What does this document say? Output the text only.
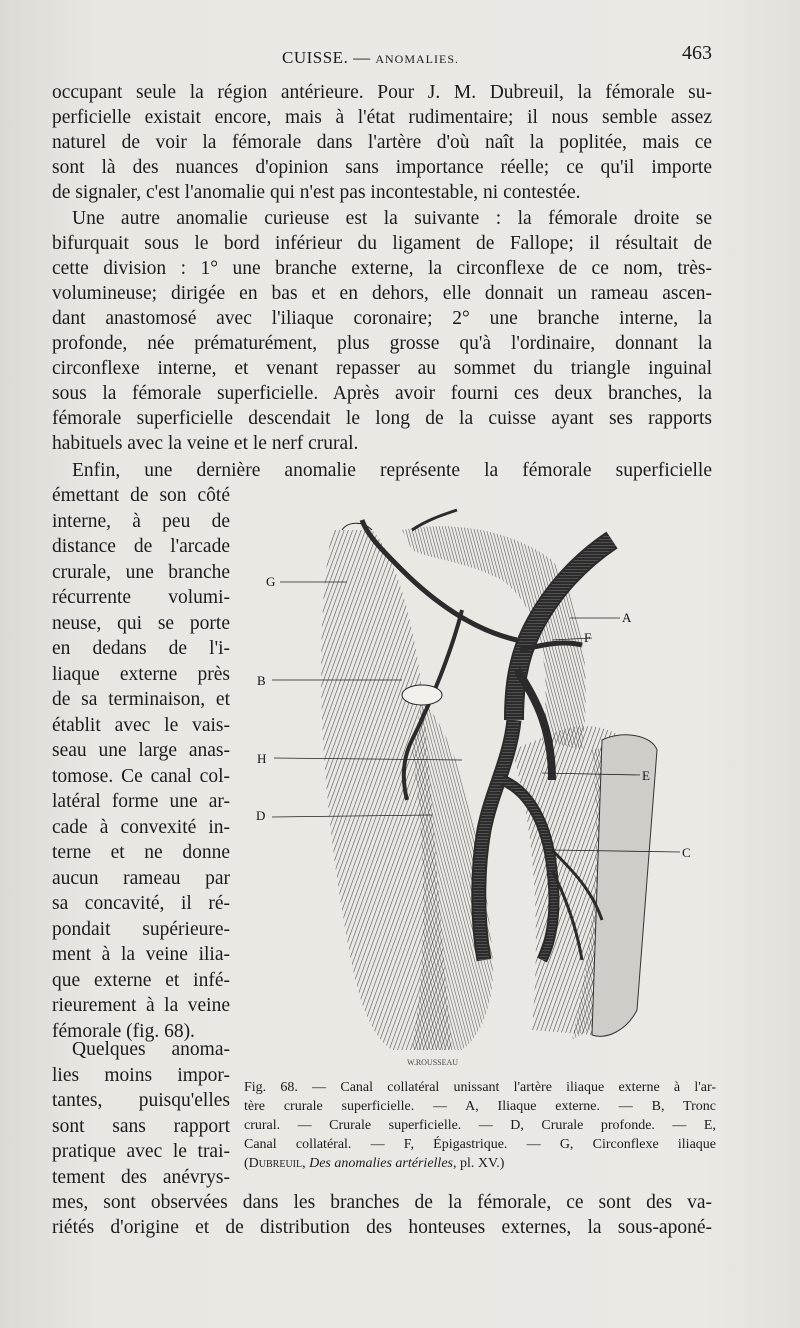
CUISSE. — ANOMALIES.	463
occupant seule la région antérieure. Pour J. M. Dubreuil, la fémorale su-
perficielle existait encore, mais à l'état rudimentaire; il nous semble assez
naturel de voir la fémorale dans l'artère d'où naît la poplitée, mais ce
sont là des nuances d'opinion sans importance réelle; ce qu'il importe
de signaler, c'est l'anomalie qui n'est pas incontestable, ni contestée.
Une autre anomalie curieuse est la suivante : la fémorale droite se
bifurquait sous le bord inférieur du ligament de Fallope; il résultait de
cette division : 1° une branche externe, la circonflexe de ce nom, très-
volumineuse; dirigée en bas et en dehors, elle donnait un rameau ascen-
dant anastomosé avec l'iliaque coronaire; 2° une branche interne, la
profonde, née prématurément, plus grosse qu'à l'ordinaire, donnant la
circonflexe interne, et venant repasser au sommet du triangle inguinal
sous la fémorale superficielle. Après avoir fourni ces deux branches, la
fémorale superficielle descendait le long de la cuisse ayant ses rapports
habituels avec la veine et le nerf crural.
Enfin, une dernière anomalie représente la fémorale superficielle
émettant de son côté
interne, à peu de
distance de l'arcade
crurale, une branche
récurrente volumi-
neuse, qui se porte
en dedans de l'i-
liaque externe près
de sa terminaison, et
établit avec le vais-
seau une large anas-
tomose. Ce canal col-
latéral forme une ar-
cade à convexité in-
terne et ne donne
aucun rameau par
sa concavité, il ré-
pondait supérieure-
ment à la veine ilia-
que externe et infé-
rieurement à la veine
fémorale (fig. 68).
Quelques anoma-
lies moins impor-
tantes, puisqu'elles
sont sans rapport
pratique avec le trai-
tement des anévrys-
mes, sont observées dans les branches de la fémorale, ce sont des va-
riétés d'origine et de distribution des honteuses externes, la sous-aponé-
G
A
F
B
H
E
D
C
W.ROUSSEAU
Fig. 68. — Canal collatéral unissant l'artère iliaque externe à l'ar-
tère crurale superficielle. — A, Iliaque externe. — B, Tronc
crural. — Crurale superficielle. — D, Crurale profonde. — E,
Canal collatéral. — F, Épigastrique. — G, Circonflexe iliaque
(Dubreuil, Des anomalies artérielles, pl. XV.)
